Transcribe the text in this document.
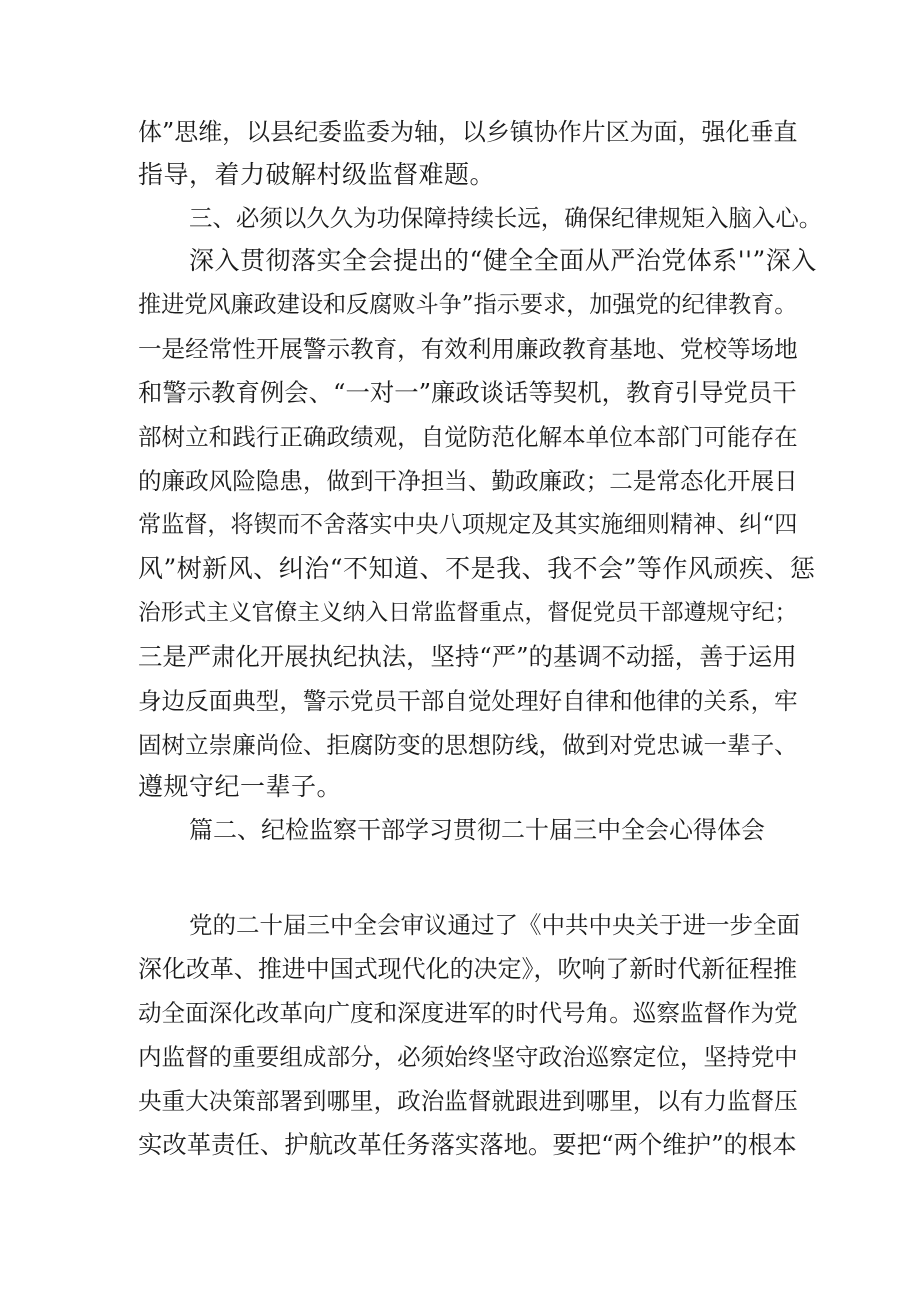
体”思维，以县纪委监委为轴，以乡镇协作片区为面，强化垂直
指导，着力破解村级监督难题。
三、必须以久久为功保障持续长远，确保纪律规矩入脑入心。
深入贯彻落实全会提出的“健全全面从严治党体系''”深入
推进党风廉政建设和反腐败斗争”指示要求，加强党的纪律教育。
一是经常性开展警示教育，有效利用廉政教育基地、党校等场地
和警示教育例会、“一对一”廉政谈话等契机，教育引导党员干
部树立和践行正确政绩观，自觉防范化解本单位本部门可能存在
的廉政风险隐患，做到干净担当、勤政廉政；二是常态化开展日
常监督，将锲而不舍落实中央八项规定及其实施细则精神、纠“四
风”树新风、纠治“不知道、不是我、我不会”等作风顽疾、惩
治形式主义官僚主义纳入日常监督重点，督促党员干部遵规守纪；
三是严肃化开展执纪执法，坚持“严”的基调不动摇，善于运用
身边反面典型，警示党员干部自觉处理好自律和他律的关系，牢
固树立崇廉尚俭、拒腐防变的思想防线，做到对党忠诚一辈子、
遵规守纪一辈子。
篇二、纪检监察干部学习贯彻二十届三中全会心得体会
党的二十届三中全会审议通过了《中共中央关于进一步全面
深化改革、推进中国式现代化的决定》，吹响了新时代新征程推
动全面深化改革向广度和深度进军的时代号角。巡察监督作为党
内监督的重要组成部分，必须始终坚守政治巡察定位，坚持党中
央重大决策部署到哪里，政治监督就跟进到哪里，以有力监督压
实改革责任、护航改革任务落实落地。要把“两个维护”的根本
